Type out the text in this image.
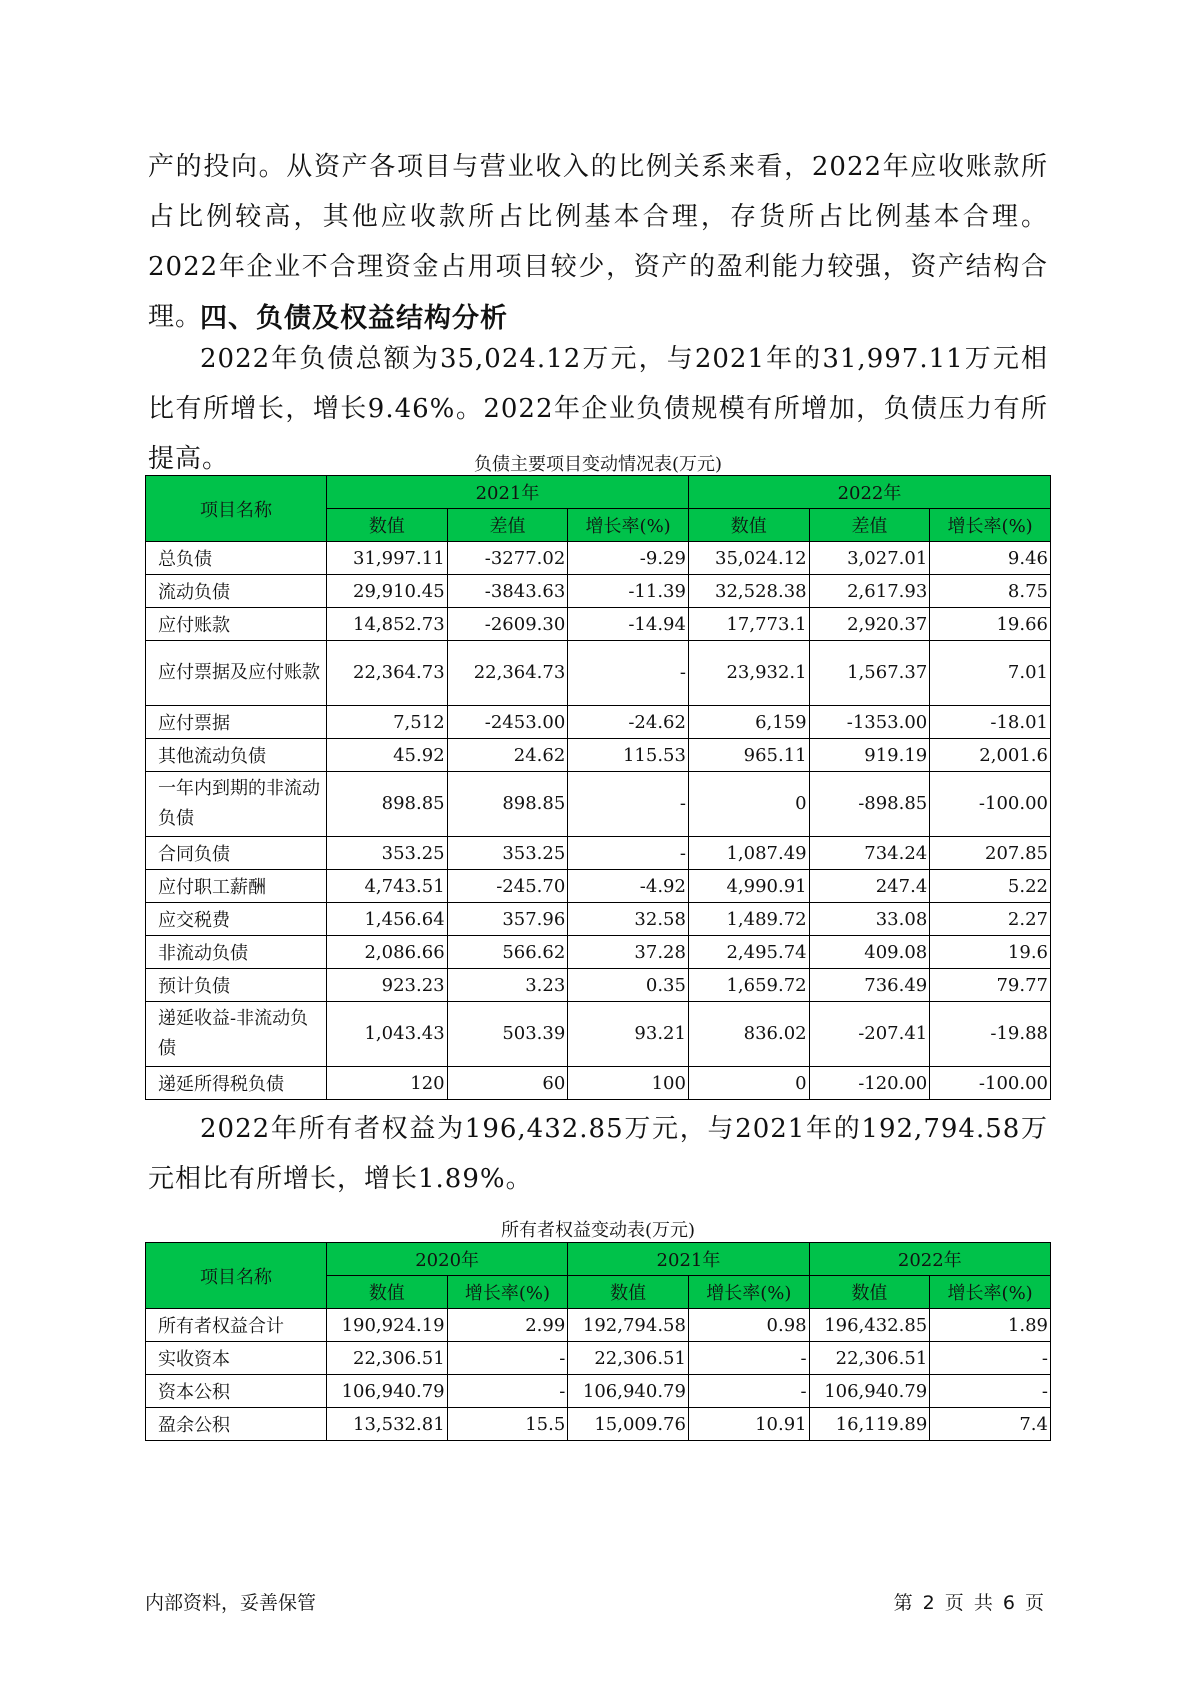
产的投向。从资产各项目与营业收入的比例关系来看，2022年应收账款所占比例较高，其他应收款所占比例基本合理，存货所占比例基本合理。2022年企业不合理资金占用项目较少，资产的盈利能力较强，资产结构合理。
四、负债及权益结构分析
2022年负债总额为35,024.12万元，与2021年的31,997.11万元相比有所增长，增长9.46%。2022年企业负债规模有所增加，负债压力有所提高。	负债主要项目变动情况表(万元)
项目名称	2021年			2022年		
	数值	差值	增长率(%)	数值	差值	增长率(%)
总负债	31,997.11	-3277.02	-9.29	35,024.12	3,027.01	9.46
流动负债	29,910.45	-3843.63	-11.39	32,528.38	2,617.93	8.75
应付账款	14,852.73	-2609.30	-14.94	17,773.1	2,920.37	19.66
应付票据及应付账款	22,364.73	22,364.73	-	23,932.1	1,567.37	7.01
应付票据	7,512	-2453.00	-24.62	6,159	-1353.00	-18.01
其他流动负债	45.92	24.62	115.53	965.11	919.19	2,001.6
一年内到期的非流动负债	898.85	898.85	-	0	-898.85	-100.00
合同负债	353.25	353.25	-	1,087.49	734.24	207.85
应付职工薪酬	4,743.51	-245.70	-4.92	4,990.91	247.4	5.22
应交税费	1,456.64	357.96	32.58	1,489.72	33.08	2.27
非流动负债	2,086.66	566.62	37.28	2,495.74	409.08	19.6
预计负债	923.23	3.23	0.35	1,659.72	736.49	79.77
递延收益-非流动负债	1,043.43	503.39	93.21	836.02	-207.41	-19.88
递延所得税负债	120	60	100	0	-120.00	-100.00
2022年所有者权益为196,432.85万元，与2021年的192,794.58万元相比有所增长，增长1.89%。
所有者权益变动表(万元)
项目名称	2020年		2021年		2022年	
	数值	增长率(%)	数值	增长率(%)	数值	增长率(%)
所有者权益合计	190,924.19	2.99	192,794.58	0.98	196,432.85	1.89
实收资本	22,306.51	-	22,306.51	-	22,306.51	-
资本公积	106,940.79	-	106,940.79	-	106,940.79	-
盈余公积	13,532.81	15.5	15,009.76	10.91	16,119.89	7.4
内部资料，妥善保管	第 2 页 共 6 页
